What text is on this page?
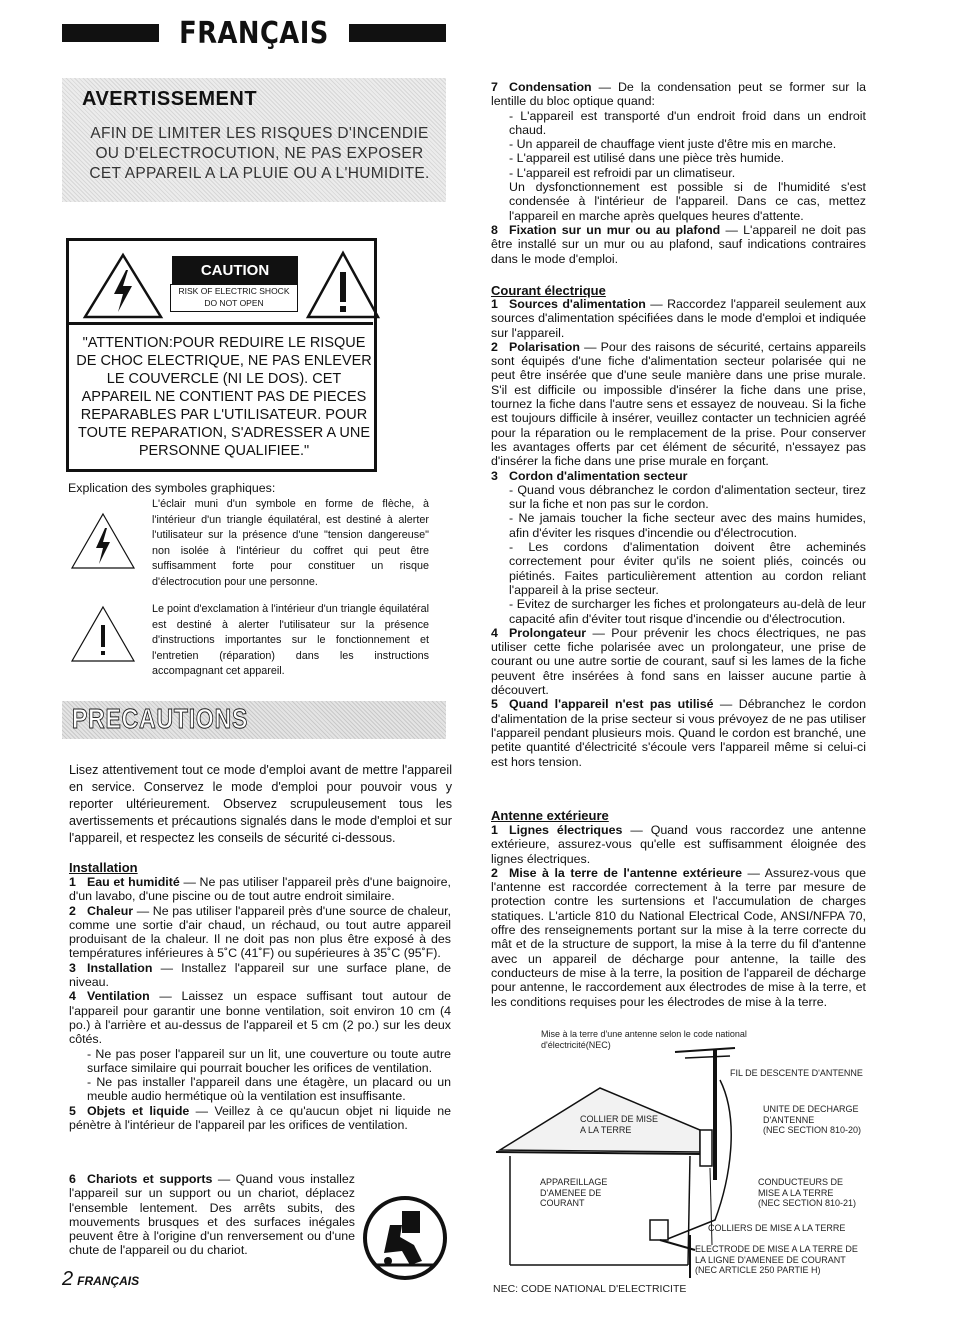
FRANÇAIS
AVERTISSEMENT
AFIN DE LIMITER LES RISQUES D'INCENDIE OU D'ELECTROCUTION, NE PAS EXPOSER CET APPAREIL A LA PLUIE OU A L'HUMIDITE.
CAUTION
RISK OF ELECTRIC SHOCK
DO NOT OPEN
"ATTENTION:POUR REDUIRE LE RISQUE DE CHOC ELECTRIQUE, NE PAS ENLEVER LE COUVERCLE (NI LE DOS). CET APPAREIL NE CONTIENT PAS DE PIECES REPARABLES PAR L'UTILISATEUR. POUR TOUTE REPARATION, S'ADRESSER A UNE PERSONNE QUALIFIEE."
Explication des symboles graphiques:
L'éclair muni d'un symbole en forme de flèche, à l'intérieur d'un triangle équilatéral, est destiné à alerter l'utilisateur sur la présence d'une "tension dangereuse" non isolée à l'intérieur du coffret qui peut être suffisamment forte pour constituer un risque d'électrocution pour une personne.
Le point d'exclamation à l'intérieur d'un triangle équilatéral est destiné à alerter l'utilisateur sur la présence d'instructions importantes sur le fonctionnement et l'entretien (réparation) dans les instructions accompagnant cet appareil.
PRECAUTIONS
Lisez attentivement tout ce mode d'emploi avant de mettre l'appareil en service. Conservez le mode d'emploi pour pouvoir vous y reporter ultérieurement. Observez scrupuleusement tous les avertissements et précautions signalés dans le mode d'emploi et sur l'appareil, et respectez les conseils de sécurité ci-dessous.
Installation
1 Eau et humidité — Ne pas utiliser l'appareil près d'une baignoire, d'un lavabo, d'une piscine ou de tout autre endroit similaire.
2 Chaleur — Ne pas utiliser l'appareil près d'une source de chaleur, comme une sortie d'air chaud, un réchaud, ou tout autre appareil produisant de la chaleur. Il ne doit pas non plus être exposé à des températures inférieures à 5˚C (41˚F) ou supérieures à 35˚C (95˚F).
3 Installation — Installez l'appareil sur une surface plane, de niveau.
4 Ventilation — Laissez un espace suffisant tout autour de l'appareil pour garantir une bonne ventilation, soit environ 10 cm (4 po.) à l'arrière et au-dessus de l'appareil et 5 cm (2 po.) sur les deux côtés.
- Ne pas poser l'appareil sur un lit, une couverture ou toute autre surface similaire qui pourrait boucher les orifices de ventilation.
- Ne pas installer l'appareil dans une étagère, un placard ou un meuble audio hermétique où la ventilation est insuffisante.
5 Objets et liquide — Veillez à ce qu'aucun objet ni liquide ne pénètre à l'intérieur de l'appareil par les orifices de ventilation.
6 Chariots et supports — Quand vous installez l'appareil sur un support ou un chariot, déplacez l'ensemble lentement. Des arrêts subits, des mouvements brusques et des surfaces inégales peuvent être à l'origine d'un renversement ou d'une chute de l'appareil ou du chariot.
7 Condensation — De la condensation peut se former sur la lentille du bloc optique quand:
- L'appareil est transporté d'un endroit froid dans un endroit chaud.
- Un appareil de chauffage vient juste d'être mis en marche.
- L'appareil est utilisé dans une pièce très humide.
- L'appareil est refroidi par un climatiseur.
Un dysfonctionnement est possible si de l'humidité s'est condensée à l'intérieur de l'appareil. Dans ce cas, mettez l'appareil en marche après quelques heures d'attente.
8 Fixation sur un mur ou au plafond — L'appareil ne doit pas être installé sur un mur ou au plafond, sauf indications contraires dans le mode d'emploi.
Courant électrique
1 Sources d'alimentation — Raccordez l'appareil seulement aux sources d'alimentation spécifiées dans le mode d'emploi et indiquée sur l'appareil.
2 Polarisation — Pour des raisons de sécurité, certains appareils sont équipés d'une fiche d'alimentation secteur polarisée qui ne peut être insérée que d'une seule manière dans une prise murale. S'il est difficile ou impossible d'insérer la fiche dans une prise, tournez la fiche dans l'autre sens et essayez de nouveau. Si la fiche est toujours difficile à insérer, veuillez contacter un technicien agréé pour la réparation ou le remplacement de la prise. Pour conserver les avantages offerts par cet élément de sécurité, n'essayez pas d'insérer la fiche dans une prise murale en forçant.
3 Cordon d'alimentation secteur
- Quand vous débranchez le cordon d'alimentation secteur, tirez sur la fiche et non pas sur le cordon.
- Ne jamais toucher la fiche secteur avec des mains humides, afin d'éviter les risques d'incendie ou d'électrocution.
- Les cordons d'alimentation doivent être acheminés correctement pour éviter qu'ils ne soient pliés, coincés ou piétinés. Faites particulièrement attention au cordon reliant l'appareil à la prise secteur.
- Evitez de surcharger les fiches et prolongateurs au-delà de leur capacité afin d'éviter tout risque d'incendie ou d'électrocution.
4 Prolongateur — Pour prévenir les chocs électriques, ne pas utiliser cette fiche polarisée avec un prolongateur, une prise de courant ou une autre sortie de courant, sauf si les lames de la fiche peuvent être insérées à fond sans en laisser aucune partie à découvert.
5 Quand l'appareil n'est pas utilisé — Débranchez le cordon d'alimentation de la prise secteur si vous prévoyez de ne pas utiliser l'appareil pendant plusieurs mois. Quand le cordon est branché, une petite quantité d'électricité s'écoule vers l'appareil même si celui-ci est hors tension.
Antenne extérieure
1 Lignes électriques — Quand vous raccordez une antenne extérieure, assurez-vous qu'elle est suffisamment éloignée des lignes électriques.
2 Mise à la terre de l'antenne extérieure — Assurez-vous que l'antenne est raccordée correctement à la terre par mesure de protection contre les surtensions et l'accumulation de charges statiques. L'article 810 du National Electrical Code, ANSI/NFPA 70, offre des renseignements portant sur la mise à la terre correcte du mât et de la structure de support, la mise à la terre du fil d'antenne avec un appareil de décharge pour antenne, la taille des conducteurs de mise à la terre, la position de l'appareil de décharge pour antenne, le raccordement aux électrodes de mise à la terre, et les conditions requises pour les électrodes de mise à la terre.
Mise à la terre d'une antenne selon le code national
d'électricité(NEC)
FIL DE DESCENTE D'ANTENNE
COLLIER DE MISE
A LA TERRE
UNITE DE DECHARGE
D'ANTENNE
(NEC SECTION 810-20)
APPAREILLAGE
D'AMENEE DE
COURANT
CONDUCTEURS DE
MISE A LA TERRE
(NEC SECTION 810-21)
COLLIERS DE MISE A LA TERRE
ELECTRODE DE MISE A LA TERRE DE
LA LIGNE D'AMENEE DE COURANT
(NEC ARTICLE 250 PARTIE H)
NEC: CODE NATIONAL D'ELECTRICITE
2 FRANÇAIS
